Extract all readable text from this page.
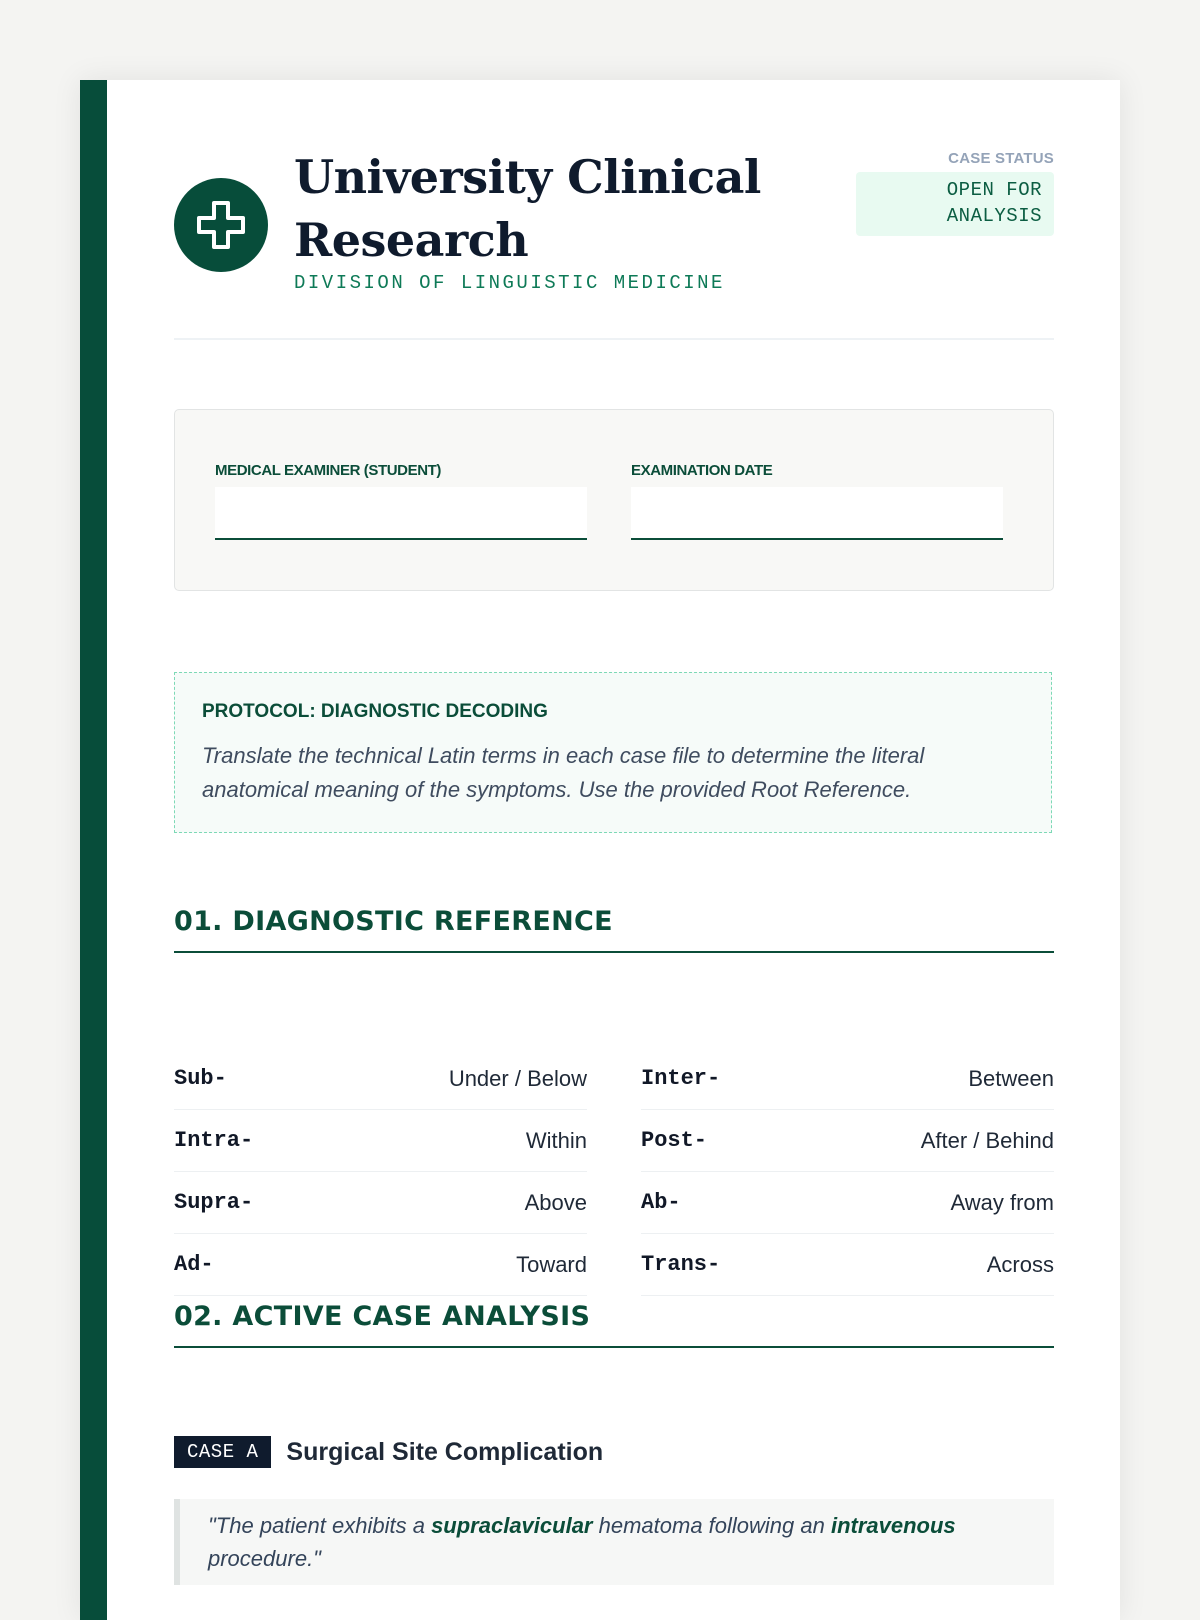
University Clinical Research
DIVISION OF LINGUISTIC MEDICINE
CASE STATUS
OPEN FOR ANALYSIS
MEDICAL EXAMINER (STUDENT)	EXAMINATION DATE

PROTOCOL: DIAGNOSTIC DECODING

Translate the technical Latin terms in each case file to determine the literal anatomical meaning of the symptoms. Use the provided Root Reference.

01. DIAGNOSTIC REFERENCE
Sub-	Under / Below Inter-	Between
Intra-	Within Post-	After / Behind
Supra-	Above Ab-	Away from
Ad-	Toward Trans-	Across
02. ACTIVE CASE ANALYSIS
CASE A	Surgical Site Complication
"The patient exhibits a supraclavicular hematoma following an intravenous procedure."
